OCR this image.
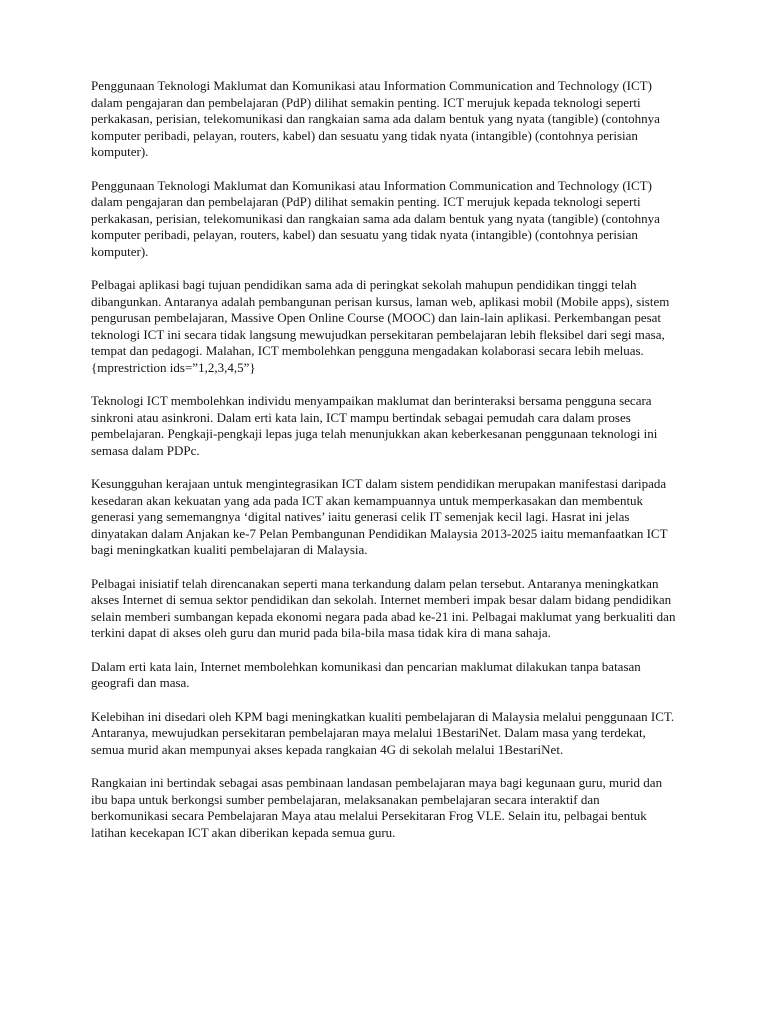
Penggunaan Teknologi Maklumat dan Komunikasi atau Information Communication and Technology (ICT) dalam pengajaran dan pembelajaran (PdP) dilihat semakin penting. ICT merujuk kepada teknologi seperti perkakasan, perisian, telekomunikasi dan rangkaian sama ada dalam bentuk yang nyata (tangible) (contohnya komputer peribadi, pelayan, routers, kabel) dan sesuatu yang tidak nyata (intangible) (contohnya perisian komputer).

Penggunaan Teknologi Maklumat dan Komunikasi atau Information Communication and Technology (ICT) dalam pengajaran dan pembelajaran (PdP) dilihat semakin penting. ICT merujuk kepada teknologi seperti perkakasan, perisian, telekomunikasi dan rangkaian sama ada dalam bentuk yang nyata (tangible) (contohnya komputer peribadi, pelayan, routers, kabel) dan sesuatu yang tidak nyata (intangible) (contohnya perisian komputer).

Pelbagai aplikasi bagi tujuan pendidikan sama ada di peringkat sekolah mahupun pendidikan tinggi telah dibangunkan. Antaranya adalah pembangunan perisan kursus, laman web, aplikasi mobil (Mobile apps), sistem pengurusan pembelajaran, Massive Open Online Course (MOOC) dan lain-lain aplikasi. Perkembangan pesat teknologi ICT ini secara tidak langsung mewujudkan persekitaran pembelajaran lebih fleksibel dari segi masa, tempat dan pedagogi. Malahan, ICT membolehkan pengguna mengadakan kolaborasi secara lebih meluas. {mprestriction ids=”1,2,3,4,5”}

Teknologi ICT membolehkan individu menyampaikan maklumat dan berinteraksi bersama pengguna secara sinkroni atau asinkroni. Dalam erti kata lain, ICT mampu bertindak sebagai pemudah cara dalam proses pembelajaran. Pengkaji-pengkaji lepas juga telah menunjukkan akan keberkesanan penggunaan teknologi ini semasa dalam PDPc.

Kesungguhan kerajaan untuk mengintegrasikan ICT dalam sistem pendidikan merupakan manifestasi daripada kesedaran akan kekuatan yang ada pada ICT akan kemampuannya untuk memperkasakan dan membentuk generasi yang sememangnya ‘digital natives’ iaitu generasi celik IT semenjak kecil lagi. Hasrat ini jelas dinyatakan dalam Anjakan ke-7 Pelan Pembangunan Pendidikan Malaysia 2013-2025 iaitu memanfaatkan ICT bagi meningkatkan kualiti pembelajaran di Malaysia.

Pelbagai inisiatif telah direncanakan seperti mana terkandung dalam pelan tersebut. Antaranya meningkatkan akses Internet di semua sektor pendidikan dan sekolah. Internet memberi impak besar dalam bidang pendidikan selain memberi sumbangan kepada ekonomi negara pada abad ke-21 ini. Pelbagai maklumat yang berkualiti dan terkini dapat di akses oleh guru dan murid pada bila-bila masa tidak kira di mana sahaja.

Dalam erti kata lain, Internet membolehkan komunikasi dan pencarian maklumat dilakukan tanpa batasan geografi dan masa.

Kelebihan ini disedari oleh KPM bagi meningkatkan kualiti pembelajaran di Malaysia melalui penggunaan ICT. Antaranya, mewujudkan persekitaran pembelajaran maya melalui 1BestariNet. Dalam masa yang terdekat, semua murid akan mempunyai akses kepada rangkaian 4G di sekolah melalui 1BestariNet.

Rangkaian ini bertindak sebagai asas pembinaan landasan pembelajaran maya bagi kegunaan guru, murid dan ibu bapa untuk berkongsi sumber pembelajaran, melaksanakan pembelajaran secara interaktif dan berkomunikasi secara Pembelajaran Maya atau melalui Persekitaran Frog VLE. Selain itu, pelbagai bentuk latihan kecekapan ICT akan diberikan kepada semua guru.
